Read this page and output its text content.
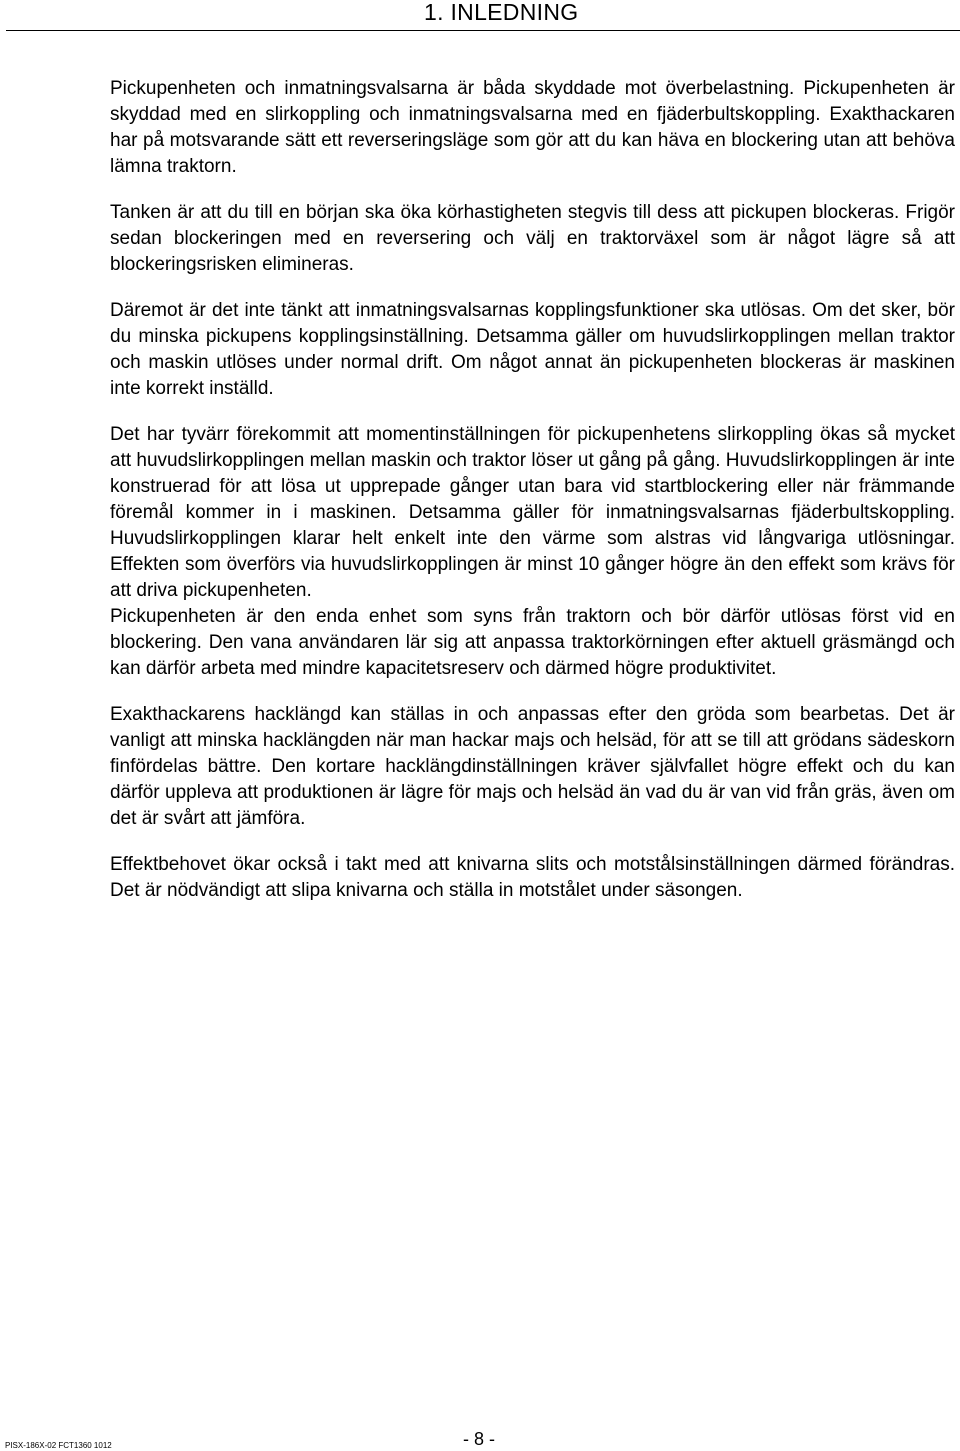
1. INLEDNING

Pickupenheten och inmatningsvalsarna är båda skyddade mot överbelastning. Pickupenheten är skyddad med en slirkoppling och inmatningsvalsarna med en fjäderbultskoppling. Exakthackaren har på motsvarande sätt ett reverseringsläge som gör att du kan häva en blockering utan att behöva lämna traktorn.

Tanken är att du till en början ska öka körhastigheten stegvis till dess att pickupen blockeras. Frigör sedan blockeringen med en reversering och välj en traktorväxel som är något lägre så att blockeringsrisken elimineras.

Däremot är det inte tänkt att inmatningsvalsarnas kopplingsfunktioner ska utlösas. Om det sker, bör du minska pickupens kopplingsinställning. Detsamma gäller om huvudslirkopplingen mellan traktor och maskin utlöses under normal drift. Om något annat än pickupenheten blockeras är maskinen inte korrekt inställd.

Det har tyvärr förekommit att momentinställningen för pickupenhetens slirkoppling ökas så mycket att huvudslirkopplingen mellan maskin och traktor löser ut gång på gång. Huvudslirkopplingen är inte konstruerad för att lösa ut upprepade gånger utan bara vid startblockering eller när främmande föremål kommer in i maskinen. Detsamma gäller för inmatningsvalsarnas fjäderbultskoppling. Huvudslirkopplingen klarar helt enkelt inte den värme som alstras vid långvariga utlösningar. Effekten som överförs via huvudslirkopplingen är minst 10 gånger högre än den effekt som krävs för att driva pickupenheten.

Pickupenheten är den enda enhet som syns från traktorn och bör därför utlösas först vid en blockering. Den vana användaren lär sig att anpassa traktorkörningen efter aktuell gräsmängd och kan därför arbeta med mindre kapacitetsreserv och därmed högre produktivitet.

Exakthackarens hacklängd kan ställas in och anpassas efter den gröda som bearbetas. Det är vanligt att minska hacklängden när man hackar majs och helsäd, för att se till att grödans sädeskorn finfördelas bättre. Den kortare hacklängdinställningen kräver självfallet högre effekt och du kan därför uppleva att produktionen är lägre för majs och helsäd än vad du är van vid från gräs, även om det är svårt att jämföra.

Effektbehovet ökar också i takt med att knivarna slits och motstålsinställningen därmed förändras. Det är nödvändigt att slipa knivarna och ställa in motstålet under säsongen.

PISX-186X-02 FCT1360 1012	- 8 -
